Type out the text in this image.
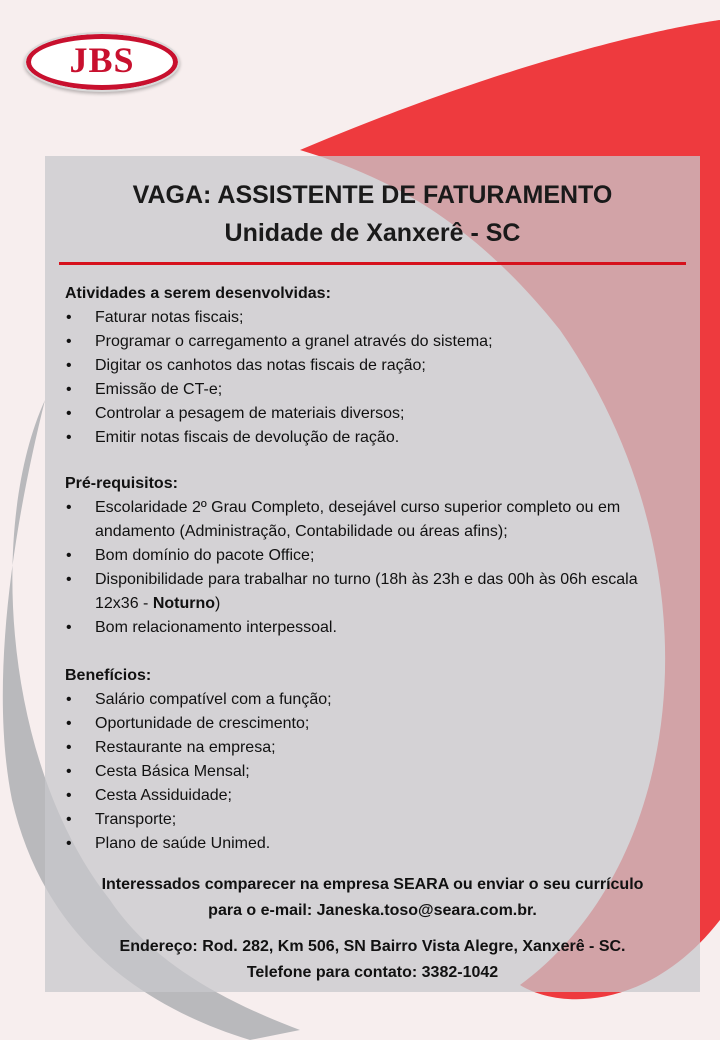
JBS
VAGA: ASSISTENTE DE FATURAMENTO
Unidade de Xanxerê - SC
Atividades a serem desenvolvidas:
• Faturar notas fiscais;
• Programar o carregamento a granel através do sistema;
• Digitar os canhotos das notas fiscais de ração;
• Emissão de CT-e;
• Controlar a pesagem de materiais diversos;
• Emitir notas fiscais de devolução de ração.
Pré-requisitos:
• Escolaridade 2º Grau Completo, desejável curso superior completo ou em andamento (Administração, Contabilidade ou áreas afins);
• Bom domínio do pacote Office;
• Disponibilidade para trabalhar no turno (18h às 23h e das 00h às 06h escala 12x36 - Noturno)
• Bom relacionamento interpessoal.
Benefícios:
• Salário compatível com a função;
• Oportunidade de crescimento;
• Restaurante na empresa;
• Cesta Básica Mensal;
• Cesta Assiduidade;
• Transporte;
• Plano de saúde Unimed.
Interessados comparecer na empresa SEARA ou enviar o seu currículo
para o e-mail: Janeska.toso@seara.com.br.
Endereço: Rod. 282, Km 506, SN Bairro Vista Alegre, Xanxerê - SC.
Telefone para contato: 3382-1042
